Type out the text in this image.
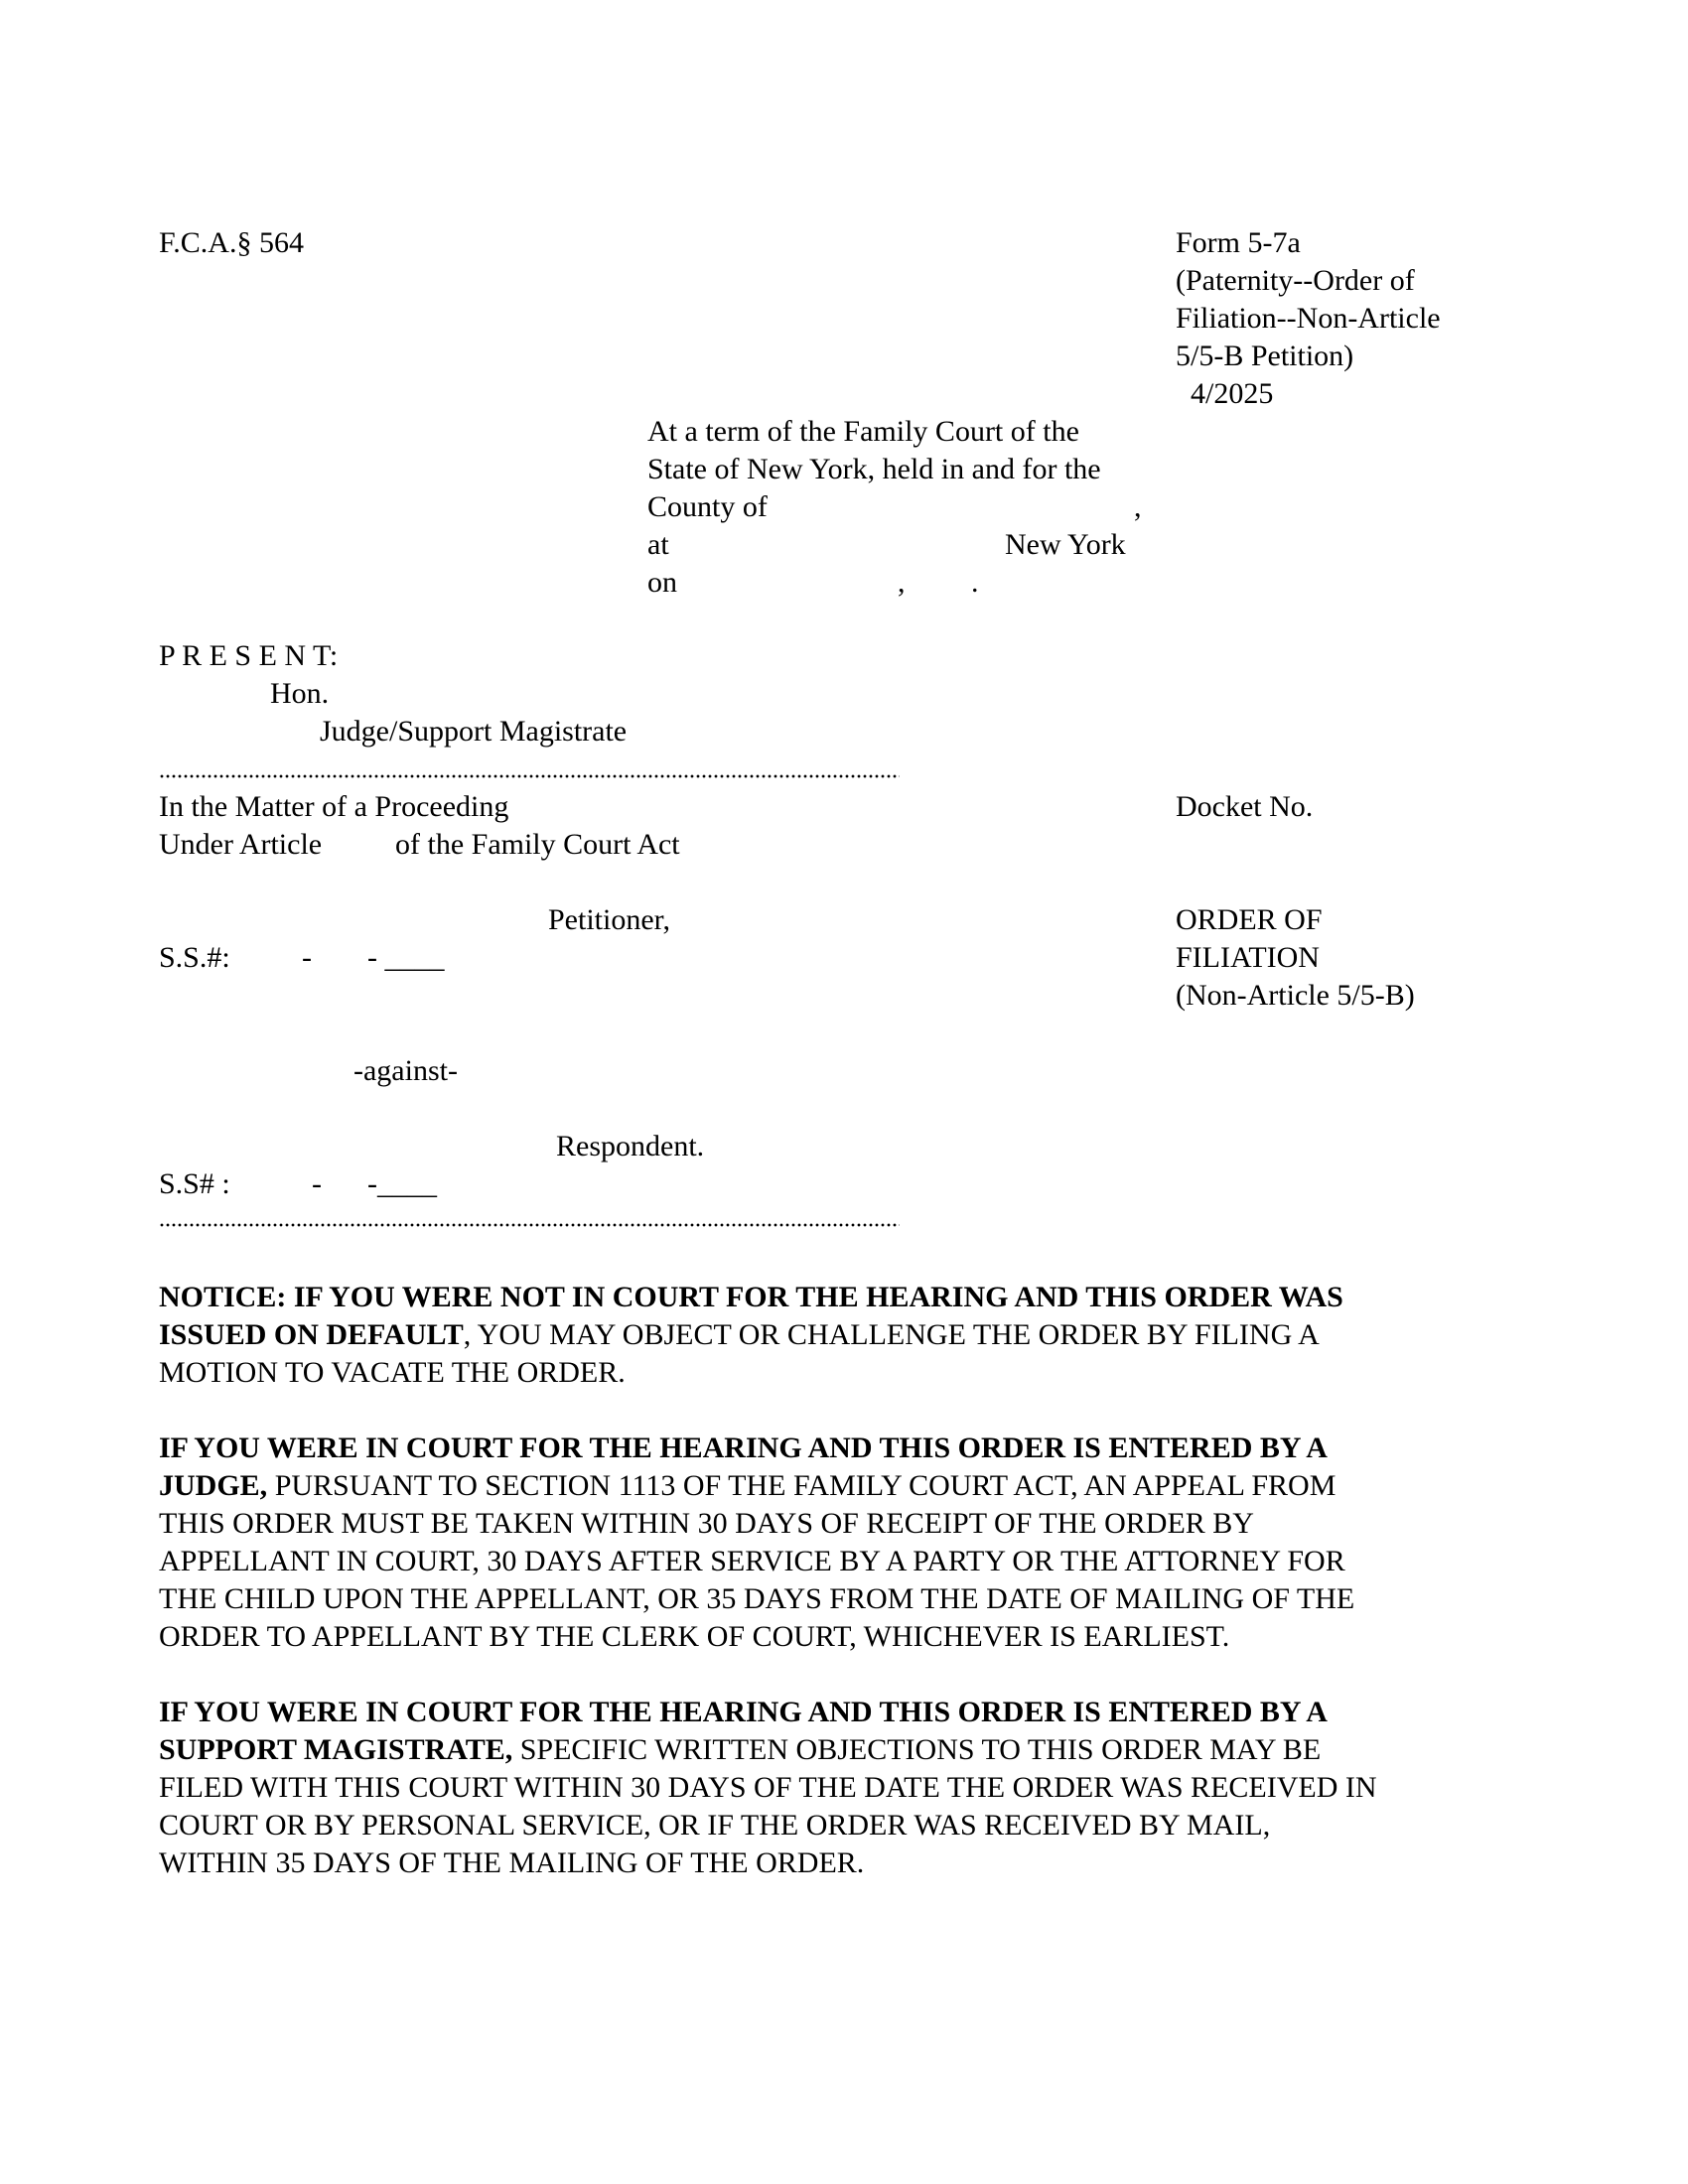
F.C.A.§ 564	Form 5-7a
(Paternity--Order of
Filiation--Non-Article
5/5-B Petition)
4/2025
At a term of the Family Court of the
State of New York, held in and for the
County of	,
at	New York
on	, .
P R E S E N T:
Hon.
Judge/Support Magistrate
In the Matter of a Proceeding
Under Article of the Family Court Act
Docket No.
Petitioner,
S.S.#: - - ____
ORDER OF
FILIATION
(Non-Article 5/5-B)
-against-
Respondent.
S.S# :	- -____
NOTICE: IF YOU WERE NOT IN COURT FOR THE HEARING AND THIS ORDER WAS
ISSUED ON DEFAULT, YOU MAY OBJECT OR CHALLENGE THE ORDER BY FILING A
MOTION TO VACATE THE ORDER.
IF YOU WERE IN COURT FOR THE HEARING AND THIS ORDER IS ENTERED BY A
JUDGE, PURSUANT TO SECTION 1113 OF THE FAMILY COURT ACT, AN APPEAL FROM
THIS ORDER MUST BE TAKEN WITHIN 30 DAYS OF RECEIPT OF THE ORDER BY
APPELLANT IN COURT, 30 DAYS AFTER SERVICE BY A PARTY OR THE ATTORNEY FOR
THE CHILD UPON THE APPELLANT, OR 35 DAYS FROM THE DATE OF MAILING OF THE
ORDER TO APPELLANT BY THE CLERK OF COURT, WHICHEVER IS EARLIEST.
IF YOU WERE IN COURT FOR THE HEARING AND THIS ORDER IS ENTERED BY A
SUPPORT MAGISTRATE, SPECIFIC WRITTEN OBJECTIONS TO THIS ORDER MAY BE
FILED WITH THIS COURT WITHIN 30 DAYS OF THE DATE THE ORDER WAS RECEIVED IN
COURT OR BY PERSONAL SERVICE, OR IF THE ORDER WAS RECEIVED BY MAIL,
WITHIN 35 DAYS OF THE MAILING OF THE ORDER.
